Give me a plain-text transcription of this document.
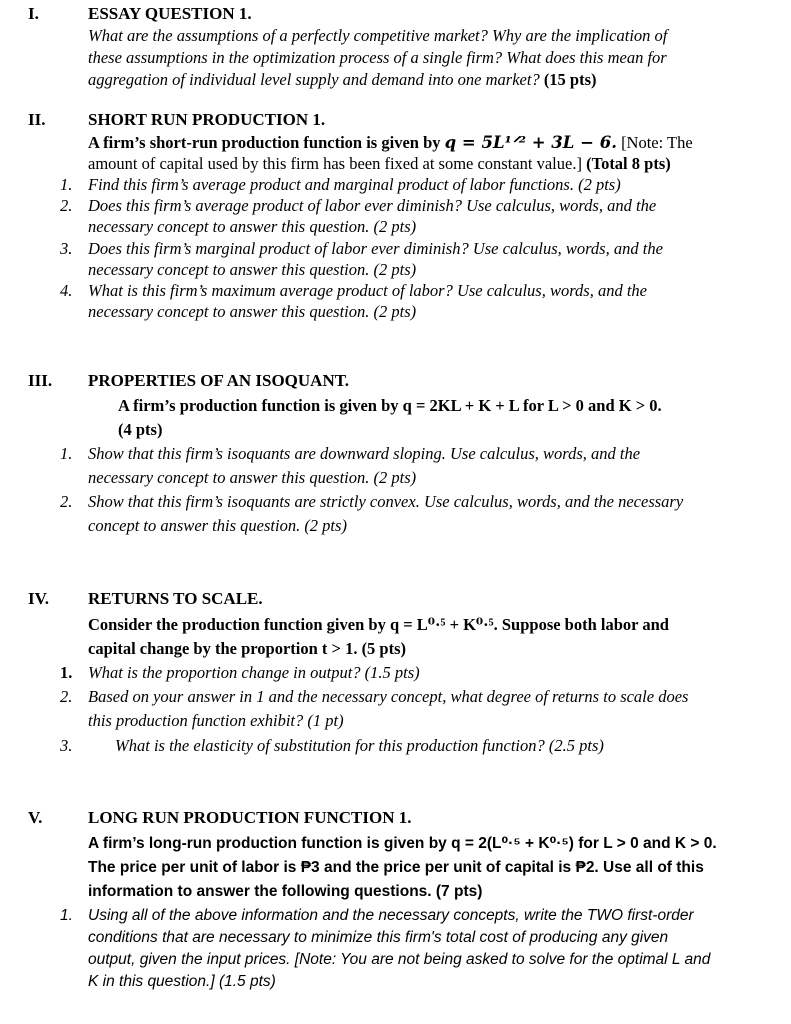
I.	ESSAY QUESTION 1.
What are the assumptions of a perfectly competitive market? Why are the implication of
these assumptions in the optimization process of a single firm? What does this mean for
aggregation of individual level supply and demand into one market? (15 pts)
II.	SHORT RUN PRODUCTION 1.
A firm’s short-run production function is given by q = 5L¹ᐟ² + 3L − 6. [Note: The
amount of capital used by this firm has been fixed at some constant value.] (Total 8 pts)
1. Find this firm’s average product and marginal product of labor functions. (2 pts)
2. Does this firm’s average product of labor ever diminish? Use calculus, words, and the
necessary concept to answer this question. (2 pts)
3. Does this firm’s marginal product of labor ever diminish? Use calculus, words, and the
necessary concept to answer this question. (2 pts)
4. What is this firm’s maximum average product of labor? Use calculus, words, and the
necessary concept to answer this question. (2 pts)
III. PROPERTIES OF AN ISOQUANT.
A firm’s production function is given by q = 2KL + K + L for L > 0 and K > 0.
(4 pts)
1. Show that this firm’s isoquants are downward sloping. Use calculus, words, and the
necessary concept to answer this question. (2 pts)
2. Show that this firm’s isoquants are strictly convex. Use calculus, words, and the necessary
concept to answer this question. (2 pts)
IV. RETURNS TO SCALE.
Consider the production function given by q = L⁰·⁵ + K⁰·⁵. Suppose both labor and
capital change by the proportion t > 1. (5 pts)
1. What is the proportion change in output? (1.5 pts)
2. Based on your answer in 1 and the necessary concept, what degree of returns to scale does
this production function exhibit? (1 pt)
3.	What is the elasticity of substitution for this production function? (2.5 pts)
V.	LONG RUN PRODUCTION FUNCTION 1.
A firm’s long-run production function is given by q = 2(L⁰·⁵ + K⁰·⁵) for L > 0 and K > 0.
The price per unit of labor is ₱3 and the price per unit of capital is ₱2. Use all of this
information to answer the following questions. (7 pts)
1. Using all of the above information and the necessary concepts, write the TWO first-order
conditions that are necessary to minimize this firm's total cost of producing any given
output, given the input prices. [Note: You are not being asked to solve for the optimal L and
K in this question.] (1.5 pts)
